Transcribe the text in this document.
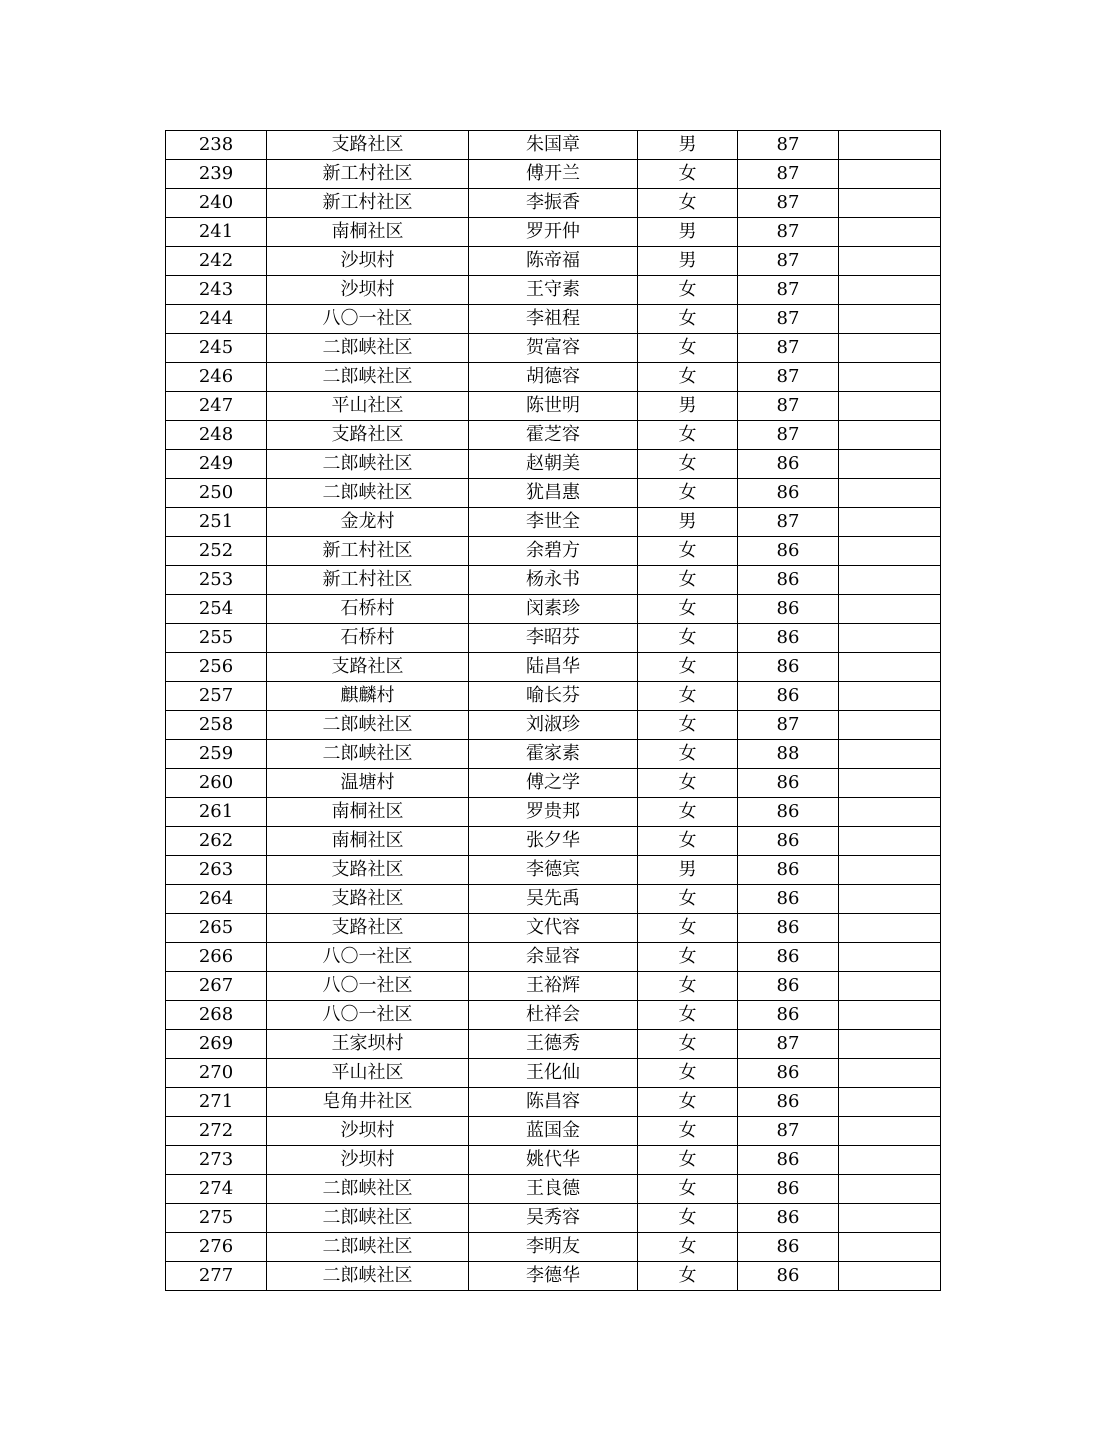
238	支路社区	朱国章	男	87	
239	新工村社区	傅开兰	女	87	
240	新工村社区	李振香	女	87	
241	南桐社区	罗开仲	男	87	
242	沙坝村	陈帝福	男	87	
243	沙坝村	王守素	女	87	
244	八〇一社区	李祖程	女	87	
245	二郎峡社区	贺富容	女	87	
246	二郎峡社区	胡德容	女	87	
247	平山社区	陈世明	男	87	
248	支路社区	霍芝容	女	87	
249	二郎峡社区	赵朝美	女	86	
250	二郎峡社区	犹昌惠	女	86	
251	金龙村	李世全	男	87	
252	新工村社区	余碧方	女	86	
253	新工村社区	杨永书	女	86	
254	石桥村	闵素珍	女	86	
255	石桥村	李昭芬	女	86	
256	支路社区	陆昌华	女	86	
257	麒麟村	喻长芬	女	86	
258	二郎峡社区	刘淑珍	女	87	
259	二郎峡社区	霍家素	女	88	
260	温塘村	傅之学	女	86	
261	南桐社区	罗贵邦	女	86	
262	南桐社区	张夕华	女	86	
263	支路社区	李德宾	男	86	
264	支路社区	吴先禹	女	86	
265	支路社区	文代容	女	86	
266	八〇一社区	余显容	女	86	
267	八〇一社区	王裕辉	女	86	
268	八〇一社区	杜祥会	女	86	
269	王家坝村	王德秀	女	87	
270	平山社区	王化仙	女	86	
271	皂角井社区	陈昌容	女	86	
272	沙坝村	蓝国金	女	87	
273	沙坝村	姚代华	女	86	
274	二郎峡社区	王良德	女	86	
275	二郎峡社区	吴秀容	女	86	
276	二郎峡社区	李明友	女	86	
277	二郎峡社区	李德华	女	86	
